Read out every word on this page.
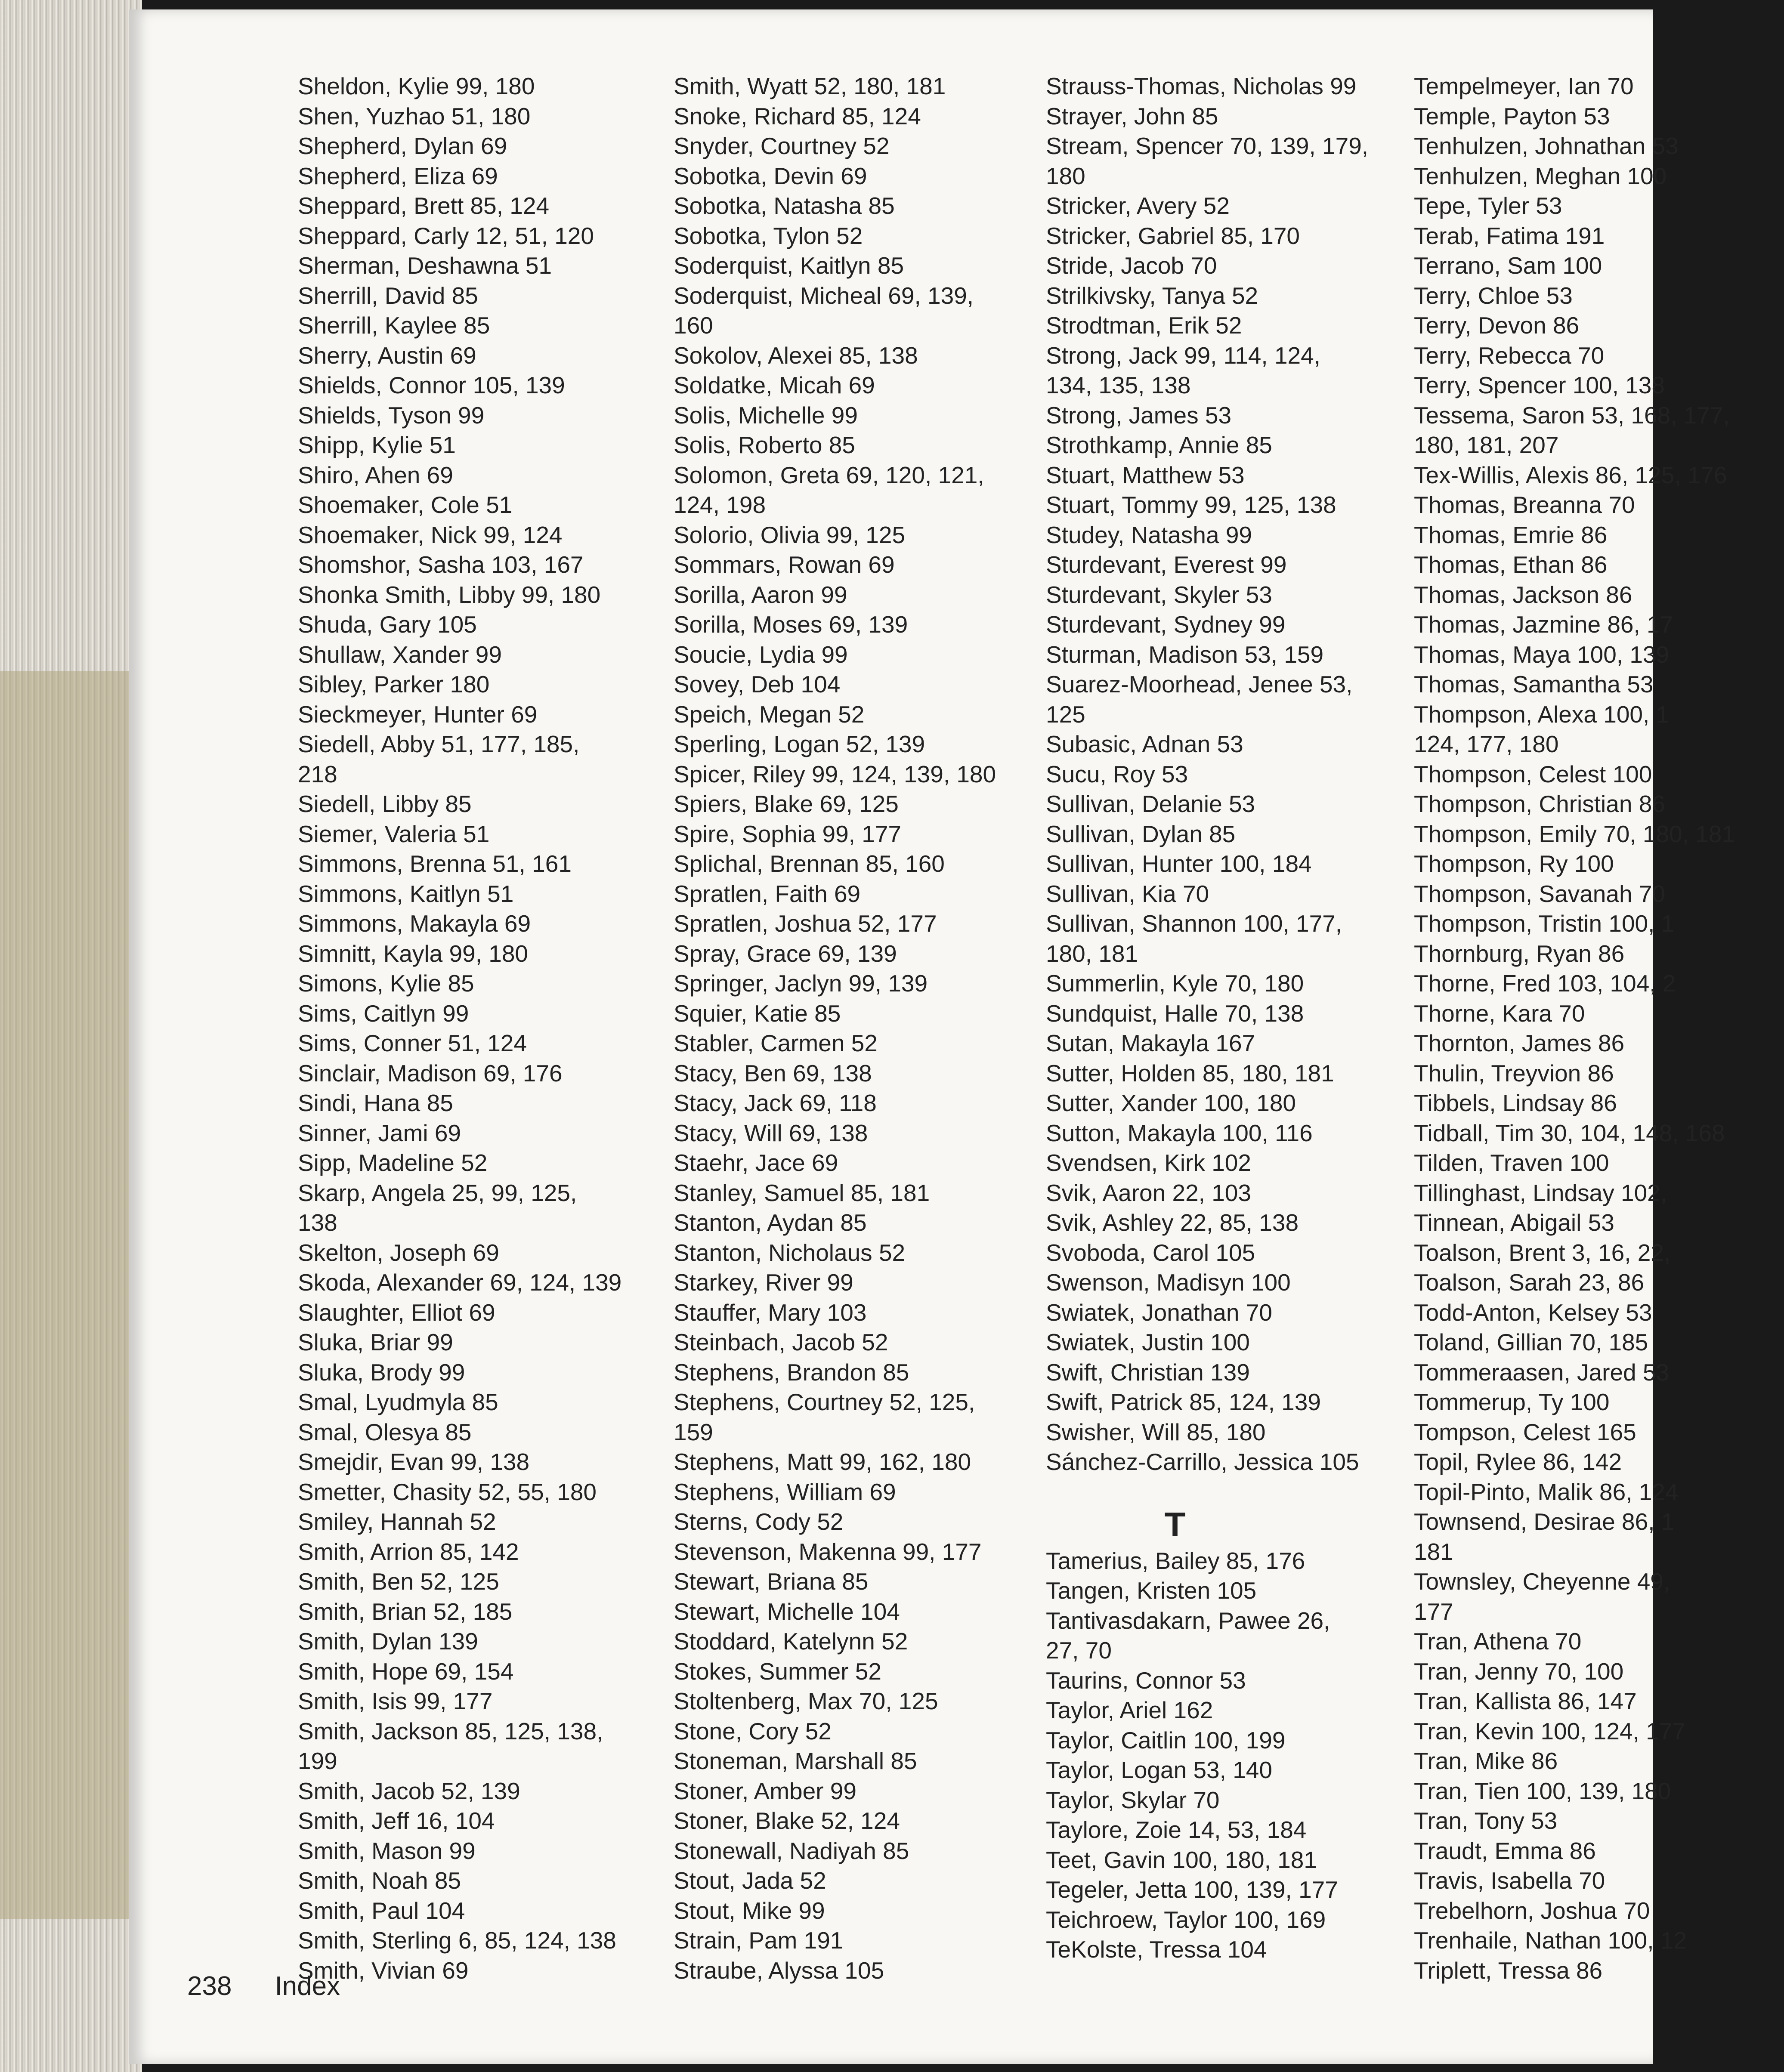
Sheldon, Kylie 99, 180
Shen, Yuzhao 51, 180
Shepherd, Dylan 69
Shepherd, Eliza 69
Sheppard, Brett 85, 124
Sheppard, Carly 12, 51, 120
Sherman, Deshawna 51
Sherrill, David 85
Sherrill, Kaylee 85
Sherry, Austin 69
Shields, Connor 105, 139
Shields, Tyson 99
Shipp, Kylie 51
Shiro, Ahen 69
Shoemaker, Cole 51
Shoemaker, Nick 99, 124
Shomshor, Sasha 103, 167
Shonka Smith, Libby 99, 180
Shuda, Gary 105
Shullaw, Xander 99
Sibley, Parker 180
Sieckmeyer, Hunter 69
Siedell, Abby 51, 177, 185,
218
Siedell, Libby 85
Siemer, Valeria 51
Simmons, Brenna 51, 161
Simmons, Kaitlyn 51
Simmons, Makayla 69
Simnitt, Kayla 99, 180
Simons, Kylie 85
Sims, Caitlyn 99
Sims, Conner 51, 124
Sinclair, Madison 69, 176
Sindi, Hana 85
Sinner, Jami 69
Sipp, Madeline 52
Skarp, Angela 25, 99, 125,
138
Skelton, Joseph 69
Skoda, Alexander 69, 124, 139
Slaughter, Elliot 69
Sluka, Briar 99
Sluka, Brody 99
Smal, Lyudmyla 85
Smal, Olesya 85
Smejdir, Evan 99, 138
Smetter, Chasity 52, 55, 180
Smiley, Hannah 52
Smith, Arrion 85, 142
Smith, Ben 52, 125
Smith, Brian 52, 185
Smith, Dylan 139
Smith, Hope 69, 154
Smith, Isis 99, 177
Smith, Jackson 85, 125, 138,
199
Smith, Jacob 52, 139
Smith, Jeff 16, 104
Smith, Mason 99
Smith, Noah 85
Smith, Paul 104
Smith, Sterling 6, 85, 124, 138
Smith, Vivian 69
Smith, Wyatt 52, 180, 181
Snoke, Richard 85, 124
Snyder, Courtney 52
Sobotka, Devin 69
Sobotka, Natasha 85
Sobotka, Tylon 52
Soderquist, Kaitlyn 85
Soderquist, Micheal 69, 139,
160
Sokolov, Alexei 85, 138
Soldatke, Micah 69
Solis, Michelle 99
Solis, Roberto 85
Solomon, Greta 69, 120, 121,
124, 198
Solorio, Olivia 99, 125
Sommars, Rowan 69
Sorilla, Aaron 99
Sorilla, Moses 69, 139
Soucie, Lydia 99
Sovey, Deb 104
Speich, Megan 52
Sperling, Logan 52, 139
Spicer, Riley 99, 124, 139, 180
Spiers, Blake 69, 125
Spire, Sophia 99, 177
Splichal, Brennan 85, 160
Spratlen, Faith 69
Spratlen, Joshua 52, 177
Spray, Grace 69, 139
Springer, Jaclyn 99, 139
Squier, Katie 85
Stabler, Carmen 52
Stacy, Ben 69, 138
Stacy, Jack 69, 118
Stacy, Will 69, 138
Staehr, Jace 69
Stanley, Samuel 85, 181
Stanton, Aydan 85
Stanton, Nicholaus 52
Starkey, River 99
Stauffer, Mary 103
Steinbach, Jacob 52
Stephens, Brandon 85
Stephens, Courtney 52, 125,
159
Stephens, Matt 99, 162, 180
Stephens, William 69
Sterns, Cody 52
Stevenson, Makenna 99, 177
Stewart, Briana 85
Stewart, Michelle 104
Stoddard, Katelynn 52
Stokes, Summer 52
Stoltenberg, Max 70, 125
Stone, Cory 52
Stoneman, Marshall 85
Stoner, Amber 99
Stoner, Blake 52, 124
Stonewall, Nadiyah 85
Stout, Jada 52
Stout, Mike 99
Strain, Pam 191
Straube, Alyssa 105
Strauss-Thomas, Nicholas 99
Strayer, John 85
Stream, Spencer 70, 139, 179,
180
Stricker, Avery 52
Stricker, Gabriel 85, 170
Stride, Jacob 70
Strilkivsky, Tanya 52
Strodtman, Erik 52
Strong, Jack 99, 114, 124,
134, 135, 138
Strong, James 53
Strothkamp, Annie 85
Stuart, Matthew 53
Stuart, Tommy 99, 125, 138
Studey, Natasha 99
Sturdevant, Everest 99
Sturdevant, Skyler 53
Sturdevant, Sydney 99
Sturman, Madison 53, 159
Suarez-Moorhead, Jenee 53,
125
Subasic, Adnan 53
Sucu, Roy 53
Sullivan, Delanie 53
Sullivan, Dylan 85
Sullivan, Hunter 100, 184
Sullivan, Kia 70
Sullivan, Shannon 100, 177,
180, 181
Summerlin, Kyle 70, 180
Sundquist, Halle 70, 138
Sutan, Makayla 167
Sutter, Holden 85, 180, 181
Sutter, Xander 100, 180
Sutton, Makayla 100, 116
Svendsen, Kirk 102
Svik, Aaron 22, 103
Svik, Ashley 22, 85, 138
Svoboda, Carol 105
Swenson, Madisyn 100
Swiatek, Jonathan 70
Swiatek, Justin 100
Swift, Christian 139
Swift, Patrick 85, 124, 139
Swisher, Will 85, 180
Sánchez-Carrillo, Jessica 105
T
Tamerius, Bailey 85, 176
Tangen, Kristen 105
Tantivasdakarn, Pawee 26,
27, 70
Taurins, Connor 53
Taylor, Ariel 162
Taylor, Caitlin 100, 199
Taylor, Logan 53, 140
Taylor, Skylar 70
Taylore, Zoie 14, 53, 184
Teet, Gavin 100, 180, 181
Tegeler, Jetta 100, 139, 177
Teichroew, Taylor 100, 169
TeKolste, Tressa 104
Tempelmeyer, Ian 70
Temple, Payton 53
Tenhulzen, Johnathan 53
Tenhulzen, Meghan 100
Tepe, Tyler 53
Terab, Fatima 191
Terrano, Sam 100
Terry, Chloe 53
Terry, Devon 86
Terry, Rebecca 70
Terry, Spencer 100, 138
Tessema, Saron 53, 168, 177,
180, 181, 207
Tex-Willis, Alexis 86, 125, 176
Thomas, Breanna 70
Thomas, Emrie 86
Thomas, Ethan 86
Thomas, Jackson 86
Thomas, Jazmine 86, 17
Thomas, Maya 100, 139
Thomas, Samantha 53
Thompson, Alexa 100, 1
124, 177, 180
Thompson, Celest 100
Thompson, Christian 86
Thompson, Emily 70, 180, 181
Thompson, Ry 100
Thompson, Savanah 70
Thompson, Tristin 100, 1
Thornburg, Ryan 86
Thorne, Fred 103, 104, 2
Thorne, Kara 70
Thornton, James 86
Thulin, Treyvion 86
Tibbels, Lindsay 86
Tidball, Tim 30, 104, 148, 168
Tilden, Traven 100
Tillinghast, Lindsay 102,
Tinnean, Abigail 53
Toalson, Brent 3, 16, 22,
Toalson, Sarah 23, 86
Todd-Anton, Kelsey 53
Toland, Gillian 70, 185
Tommeraasen, Jared 53
Tommerup, Ty 100
Tompson, Celest 165
Topil, Rylee 86, 142
Topil-Pinto, Malik 86, 124
Townsend, Desirae 86, 1
181
Townsley, Cheyenne 49,
177
Tran, Athena 70
Tran, Jenny 70, 100
Tran, Kallista 86, 147
Tran, Kevin 100, 124, 177
Tran, Mike 86
Tran, Tien 100, 139, 180
Tran, Tony 53
Traudt, Emma 86
Travis, Isabella 70
Trebelhorn, Joshua 70
Trenhaile, Nathan 100, 12
Triplett, Tressa 86
238 Index
